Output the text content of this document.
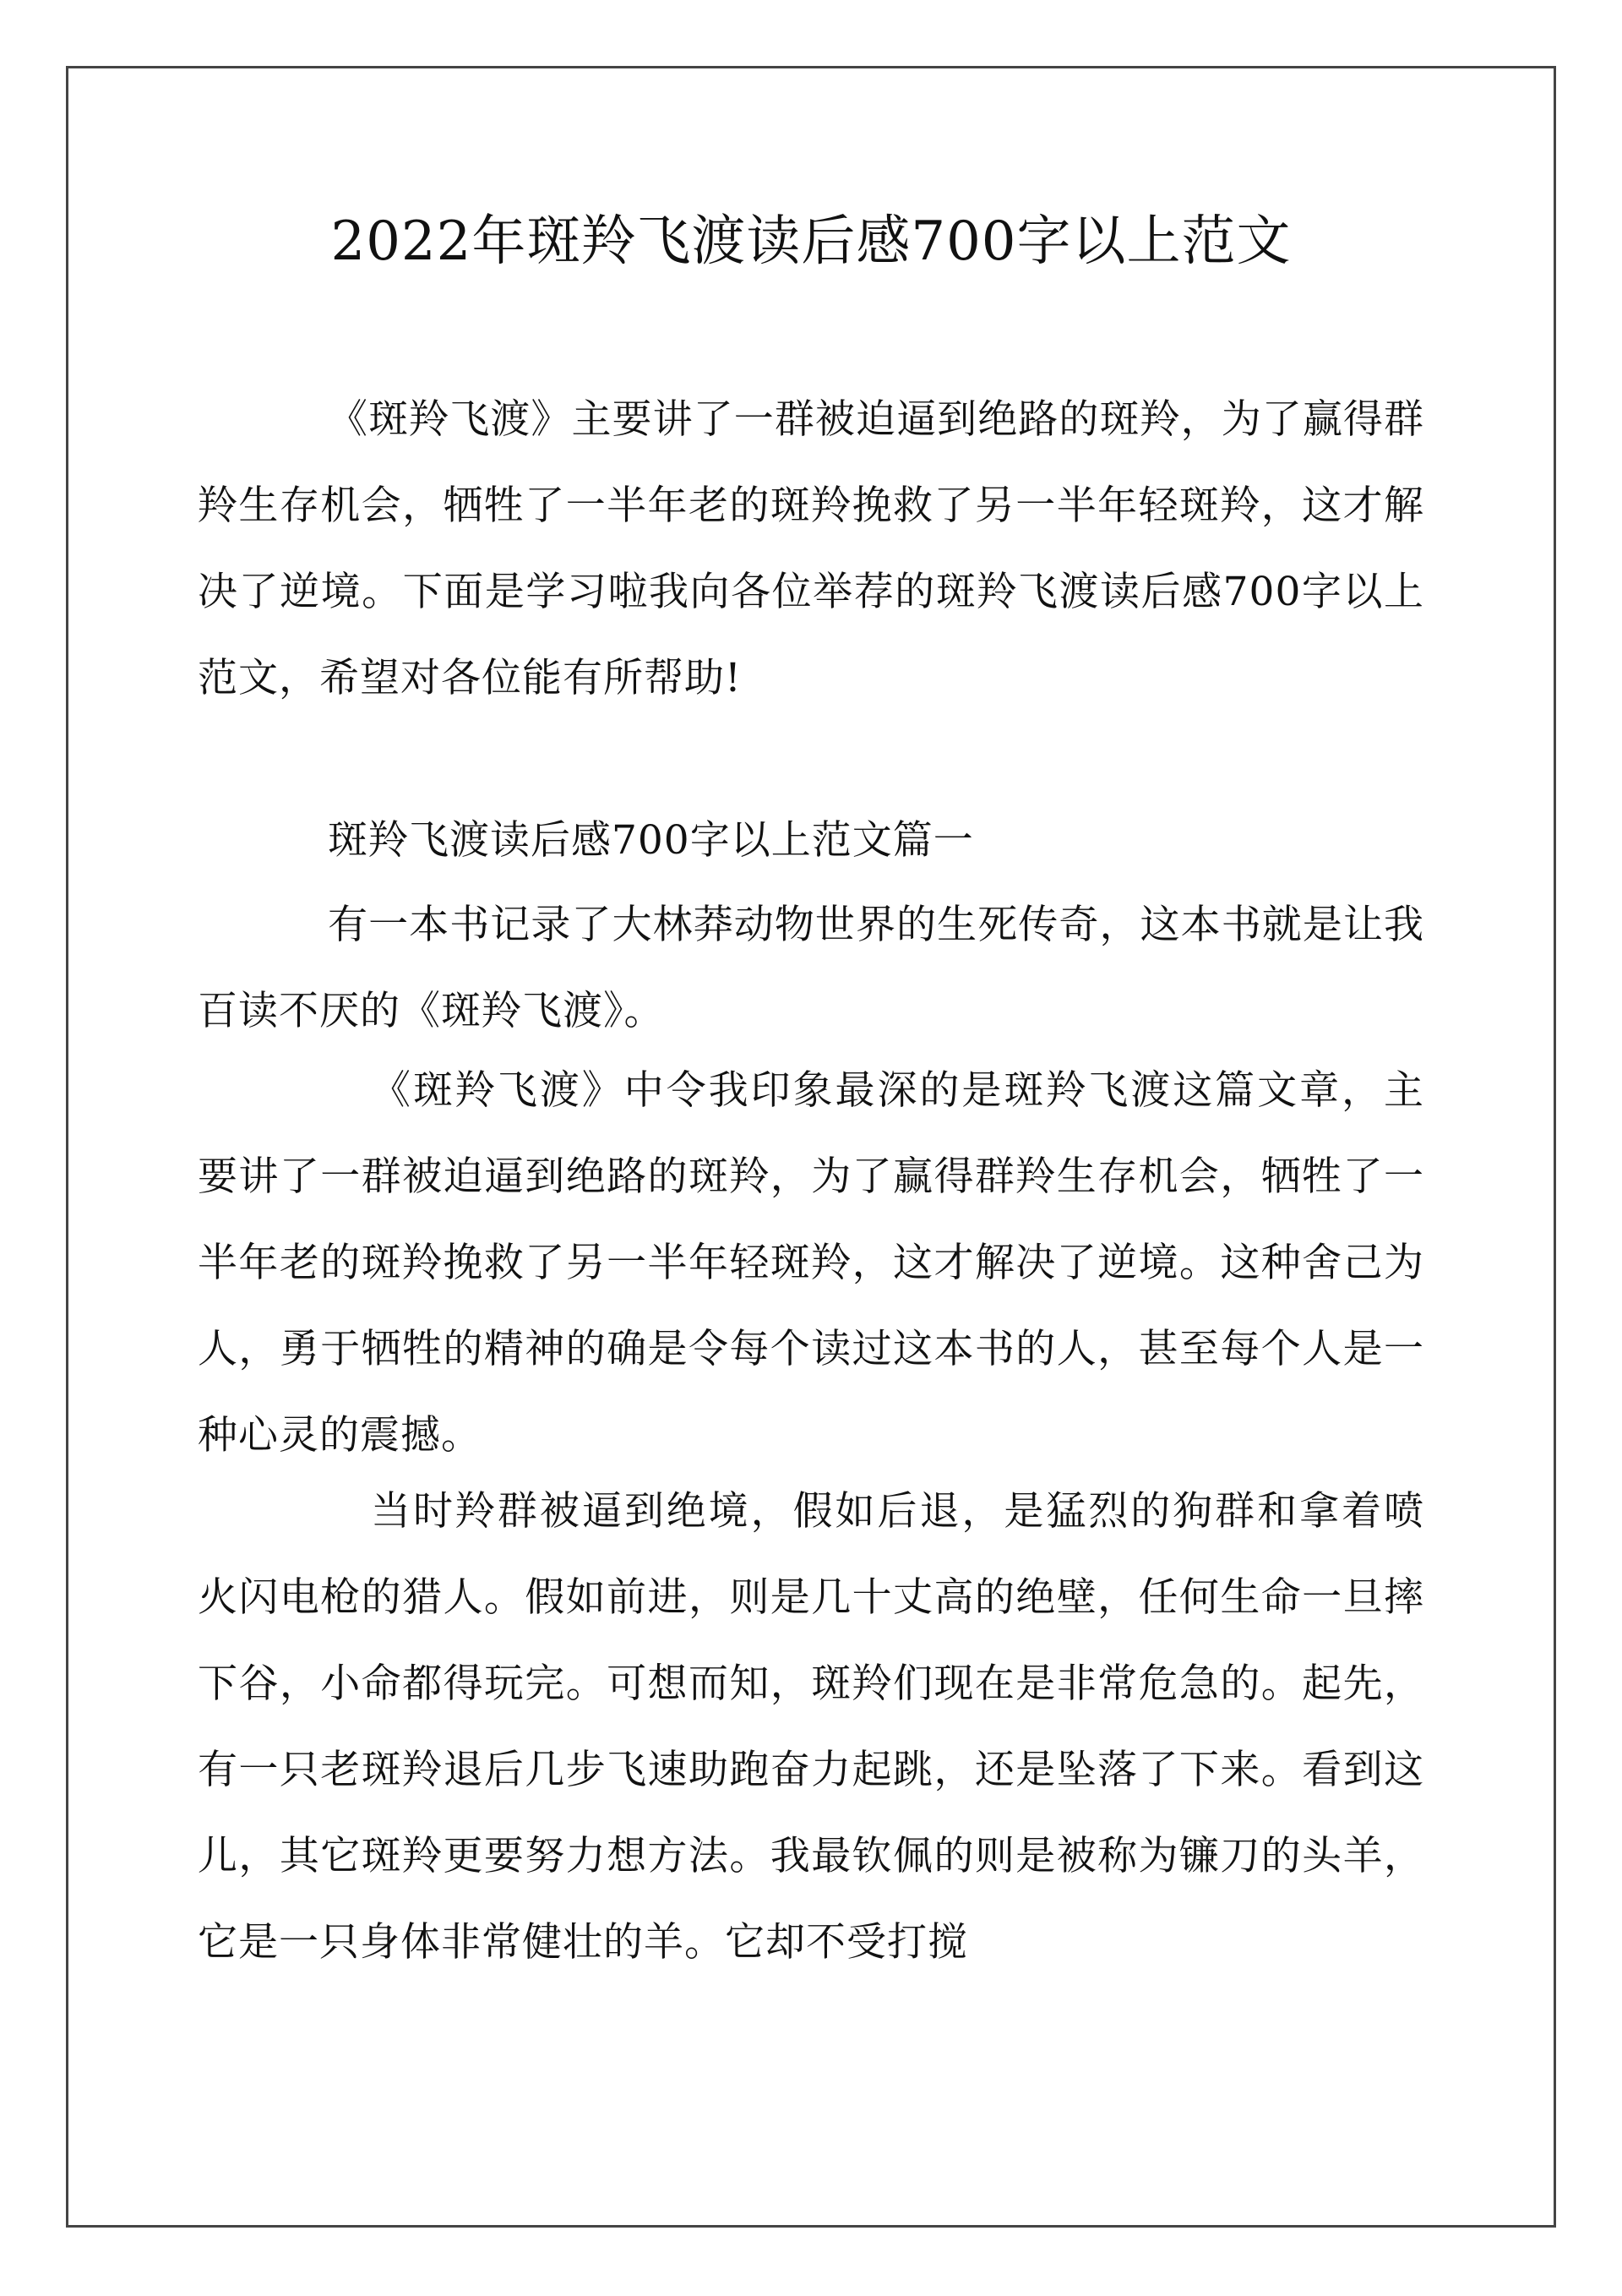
2022年斑羚飞渡读后感700字以上范文

《斑羚飞渡》主要讲了一群被迫逼到绝路的斑羚，为了赢得群羚生存机会，牺牲了一半年老的斑羚挽救了另一半年轻斑羚，这才解决了逆境。下面是学习啦我向各位举荐的斑羚飞渡读后感700字以上范文，希望对各位能有所帮助!

斑羚飞渡读后感700字以上范文篇一

有一本书记录了大林莽动物世界的生死传奇，这本书就是让我百读不厌的《斑羚飞渡》。

《斑羚飞渡》中令我印象最深的是斑羚飞渡这篇文章，主要讲了一群被迫逼到绝路的斑羚，为了赢得群羚生存机会，牺牲了一半年老的斑羚挽救了另一半年轻斑羚，这才解决了逆境。这种舍己为人，勇于牺牲的精神的确是令每个读过这本书的人，甚至每个人是一种心灵的震撼。

当时羚群被逼到绝境，假如后退，是猛烈的狗群和拿着喷火闪电枪的猎人。假如前进，则是几十丈高的绝壁，任何生命一旦摔下谷，小命都得玩完。可想而知，斑羚们现在是非常危急的。起先，有一只老斑羚退后几步飞速助跑奋力起跳，还是坠落了下来。看到这儿，其它斑羚更要努力想方法。我最钦佩的则是被称为镰刀的头羊，它是一只身体非常健壮的羊。它却不受打搅
